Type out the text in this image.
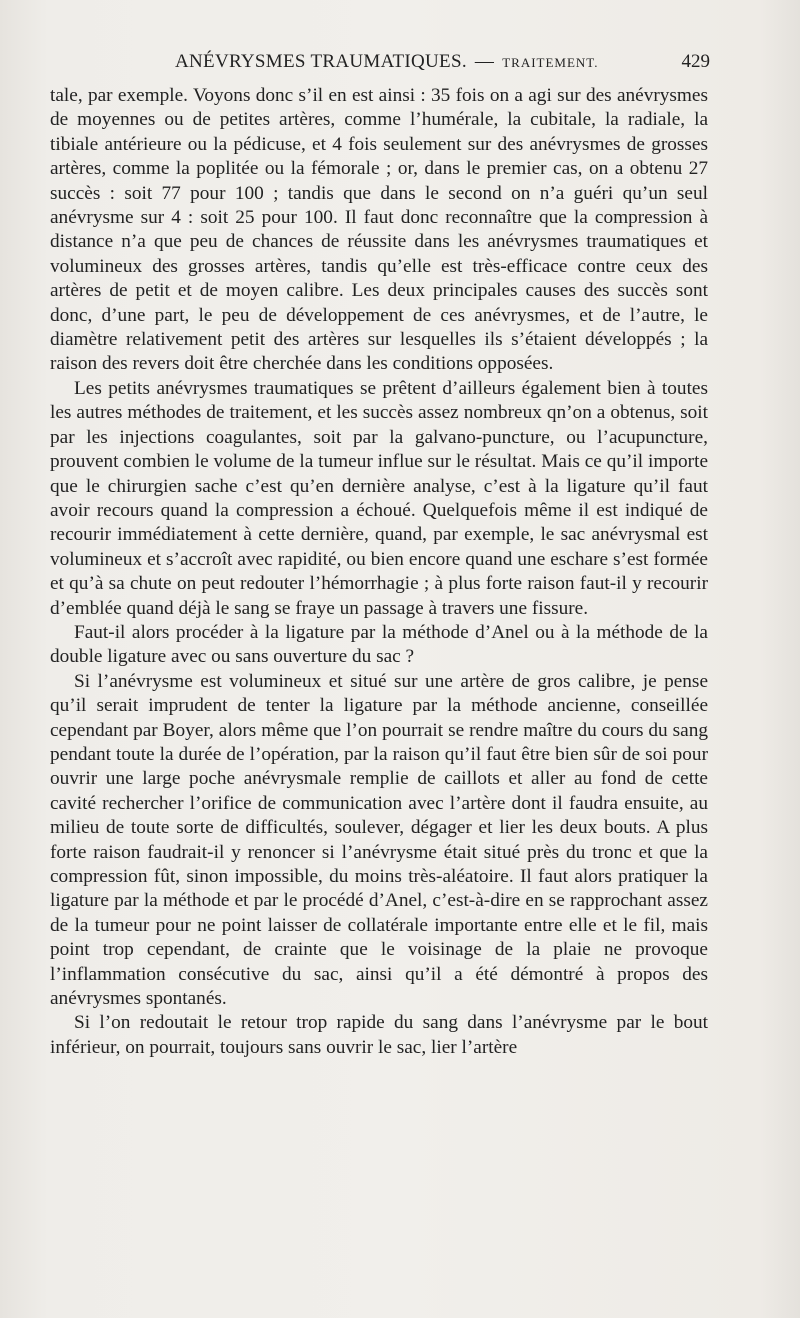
ANÉVRYSMES TRAUMATIQUES. — TRAITEMENT.	429

tale, par exemple. Voyons donc s’il en est ainsi : 35 fois on a agi sur des anévrysmes de moyennes ou de petites artères, comme l’humérale, la cubitale, la radiale, la tibiale antérieure ou la pédicuse, et 4 fois seulement sur des anévrysmes de grosses artères, comme la poplitée ou la fémorale ; or, dans le premier cas, on a obtenu 27 succès : soit 77 pour 100 ; tandis que dans le second on n’a guéri qu’un seul anévrysme sur 4 : soit 25 pour 100. Il faut donc reconnaître que la compression à distance n’a que peu de chances de réussite dans les anévrysmes traumatiques et volumineux des grosses artères, tandis qu’elle est très-efficace contre ceux des artères de petit et de moyen calibre. Les deux principales causes des succès sont donc, d’une part, le peu de développement de ces anévrysmes, et de l’autre, le diamètre relativement petit des artères sur lesquelles ils s’étaient développés ; la raison des revers doit être cherchée dans les conditions opposées.

Les petits anévrysmes traumatiques se prêtent d’ailleurs également bien à toutes les autres méthodes de traitement, et les succès assez nombreux qn’on a obtenus, soit par les injections coagulantes, soit par la galvano-puncture, ou l’acupuncture, prouvent combien le volume de la tumeur influe sur le résultat. Mais ce qu’il importe que le chirurgien sache c’est qu’en dernière analyse, c’est à la ligature qu’il faut avoir recours quand la compression a échoué. Quelquefois même il est indiqué de recourir immédiatement à cette dernière, quand, par exemple, le sac anévrysmal est volumineux et s’accroît avec rapidité, ou bien encore quand une eschare s’est formée et qu’à sa chute on peut redouter l’hémorrhagie ; à plus forte raison faut-il y recourir d’emblée quand déjà le sang se fraye un passage à travers une fissure.

Faut-il alors procéder à la ligature par la méthode d’Anel ou à la méthode de la double ligature avec ou sans ouverture du sac ?

Si l’anévrysme est volumineux et situé sur une artère de gros calibre, je pense qu’il serait imprudent de tenter la ligature par la méthode ancienne, conseillée cependant par Boyer, alors même que l’on pourrait se rendre maître du cours du sang pendant toute la durée de l’opération, par la raison qu’il faut être bien sûr de soi pour ouvrir une large poche anévrysmale remplie de caillots et aller au fond de cette cavité rechercher l’orifice de communication avec l’artère dont il faudra ensuite, au milieu de toute sorte de difficultés, soulever, dégager et lier les deux bouts. A plus forte raison faudrait-il y renoncer si l’anévrysme était situé près du tronc et que la compression fût, sinon impossible, du moins très-aléatoire. Il faut alors pratiquer la ligature par la méthode et par le procédé d’Anel, c’est-à-dire en se rapprochant assez de la tumeur pour ne point laisser de collatérale importante entre elle et le fil, mais point trop cependant, de crainte que le voisinage de la plaie ne provoque l’inflammation consécutive du sac, ainsi qu’il a été démontré à propos des anévrysmes spontanés.

Si l’on redoutait le retour trop rapide du sang dans l’anévrysme par le bout inférieur, on pourrait, toujours sans ouvrir le sac, lier l’artère
